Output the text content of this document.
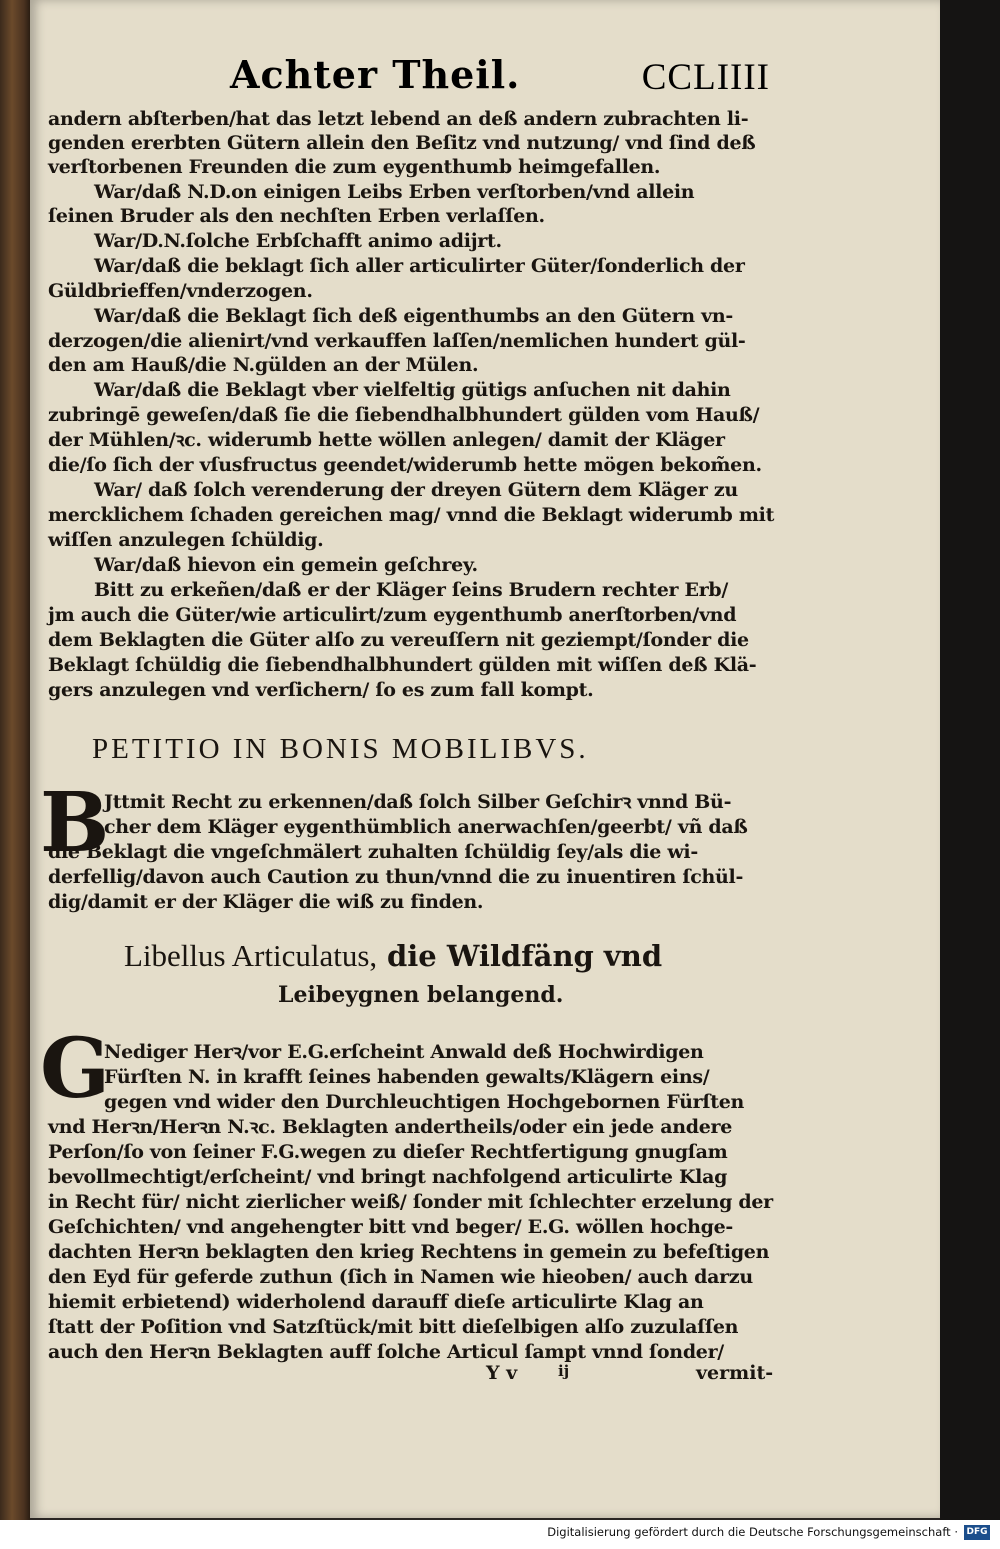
Achter Theil.	CCLIIII
andern abſterben/hat das letzt lebend an deß andern zubrachten li-
genden ererbten Gütern allein den Beſitz vnd nutzung/ vnd ſind deß
verſtorbenen Freunden die zum eygenthumb heimgefallen.
War/daß N.D.on einigen Leibs Erben verſtorben/vnd allein
ſeinen Bruder als den nechſten Erben verlaſſen.
War/D.N.ſolche Erbſchafft animo adijrt.
War/daß die beklagt ſich aller articulirter Güter/ſonderlich der
Güldbrieffen/vnderzogen.
War/daß die Beklagt ſich deß eigenthumbs an den Gütern vn-
derzogen/die alienirt/vnd verkauffen laſſen/nemlichen hundert gül-
den am Hauß/die N.gülden an der Mülen.
War/daß die Beklagt vber vielfeltig gütigs anſuchen nit dahin
zubringē geweſen/daß ſie die ſiebendhalbhundert gülden vom Hauß/
der Mühlen/ꝛc. widerumb hette wöllen anlegen/ damit der Kläger
die/ſo ſich der vſusfructus geendet/widerumb hette mögen bekom̃en.
War/ daß ſolch verenderung der dreyen Gütern dem Kläger zu
mercklichem ſchaden gereichen mag/ vnnd die Beklagt widerumb mit
wiſſen anzulegen ſchüldig.
War/daß hievon ein gemein geſchrey.
Bitt zu erkeñen/daß er der Kläger ſeins Brudern rechter Erb/
jm auch die Güter/wie articulirt/zum eygenthumb anerſtorben/vnd
dem Beklagten die Güter alſo zu vereuſſern nit geziempt/ſonder die
Beklagt ſchüldig die ſiebendhalbhundert gülden mit wiſſen deß Klä-
gers anzulegen vnd verſichern/ ſo es zum fall kompt.
PETITIO IN BONIS MOBILIBVS.
B
Jttmit Recht zu erkennen/daß ſolch Silber Geſchirꝛ vnnd Bü-
cher dem Kläger eygenthümblich anerwachſen/geerbt/ vñ daß
die Beklagt die vngeſchmälert zuhalten ſchüldig ſey/als die wi-
derfellig/davon auch Caution zu thun/vnnd die zu inuentiren ſchül-
dig/damit er der Kläger die wiß zu finden.
Libellus Articulatus, die Wildfäng vnd
Leibeygnen belangend.
G
Nediger Herꝛ/vor E.G.erſcheint Anwald deß Hochwirdigen
Fürſten N. in krafft ſeines habenden gewalts/Klägern eins/
gegen vnd wider den Durchleuchtigen Hochgebornen Fürſten
vnd Herꝛn/Herꝛn N.ꝛc. Beklagten andertheils/oder ein jede andere
Perſon/ſo von ſeiner F.G.wegen zu dieſer Rechtfertigung gnugſam
bevollmechtigt/erſcheint/ vnd bringt nachfolgend articulirte Klag
in Recht für/ nicht zierlicher weiß/ ſonder mit ſchlechter erzelung der
Geſchichten/ vnd angehengter bitt vnd beger/ E.G. wöllen hochge-
dachten Herꝛn beklagten den krieg Rechtens in gemein zu befeſtigen
den Eyd für geferde zuthun (ſich in Namen wie hieoben/ auch darzu
hiemit erbietend) widerholend darauff dieſe articulirte Klag an
ſtatt der Poſition vnd Satzſtück/mit bitt dieſelbigen alſo zuzulaſſen
auch den Herꝛn Beklagten auff ſolche Articul ſampt vnnd ſonder/
Y v	ij	vermit-
Digitalisierung gefördert durch die Deutsche Forschungsgemeinschaft · DFG
